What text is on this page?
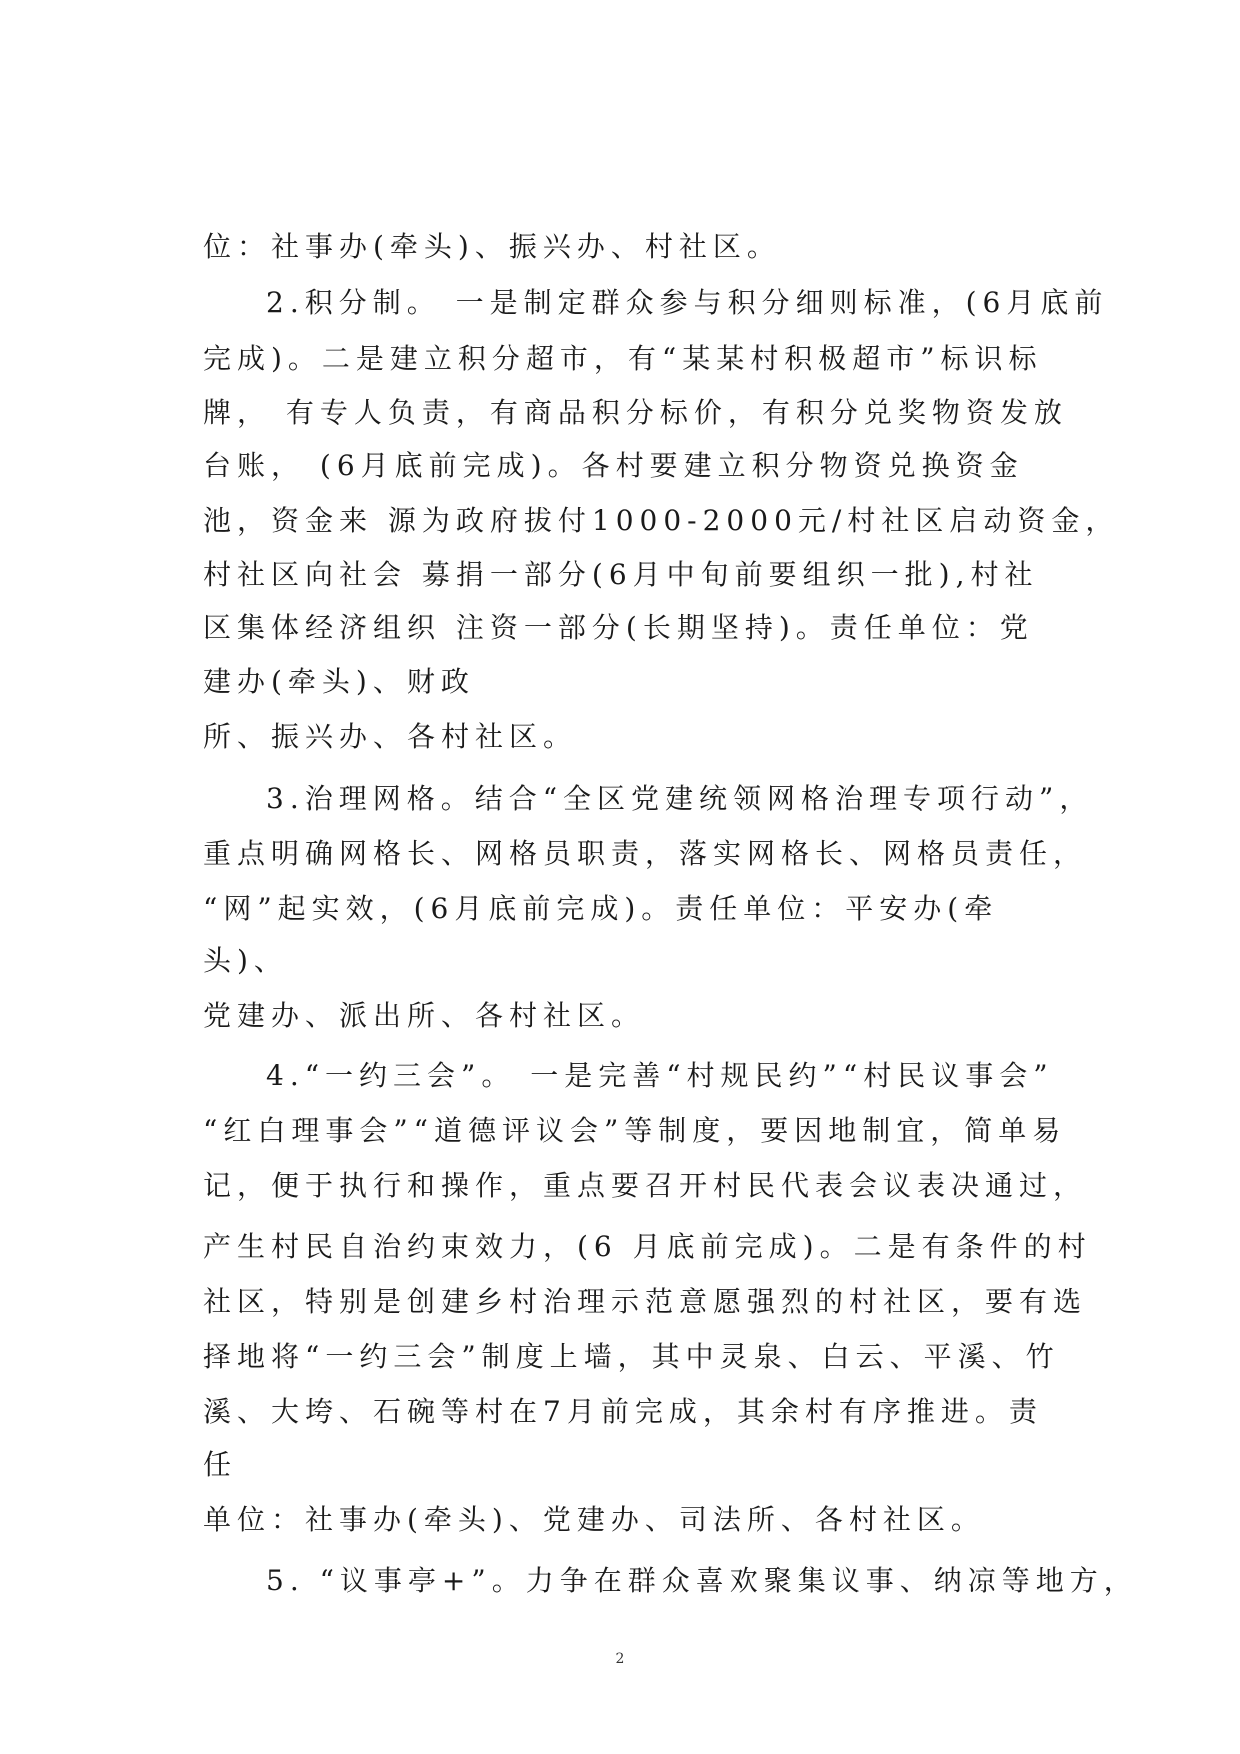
位：社事办(牵头)、振兴办、村社区。
2.积分制。 一是制定群众参与积分细则标准，(6月底前
完成)。二是建立积分超市，有“某某村积极超市”标识标
牌， 有专人负责，有商品积分标价，有积分兑奖物资发放
台账， (6月底前完成)。各村要建立积分物资兑换资金
池，资金来 源为政府拔付1000-2000元/村社区启动资金，
村社区向社会 募捐一部分(6月中旬前要组织一批),村社
区集体经济组织 注资一部分(长期坚持)。责任单位：党
建办(牵头)、财政
所、振兴办、各村社区。
3.治理网格。结合“全区党建统领网格治理专项行动”，
重点明确网格长、网格员职责，落实网格长、网格员责任，
“网”起实效，(6月底前完成)。责任单位：平安办(牵
头)、
党建办、派出所、各村社区。
4.“一约三会”。 一是完善“村规民约”“村民议事会”
“红白理事会”“道德评议会”等制度，要因地制宜，简单易
记，便于执行和操作，重点要召开村民代表会议表决通过，
产生村民自治约束效力，(6 月底前完成)。二是有条件的村
社区，特别是创建乡村治理示范意愿强烈的村社区，要有选
择地将“一约三会”制度上墙，其中灵泉、白云、平溪、竹
溪、大垮、石碗等村在7月前完成，其余村有序推进。责
任
单位：社事办(牵头)、党建办、司法所、各村社区。
5. “议事亭+”。力争在群众喜欢聚集议事、纳凉等地方，
2
